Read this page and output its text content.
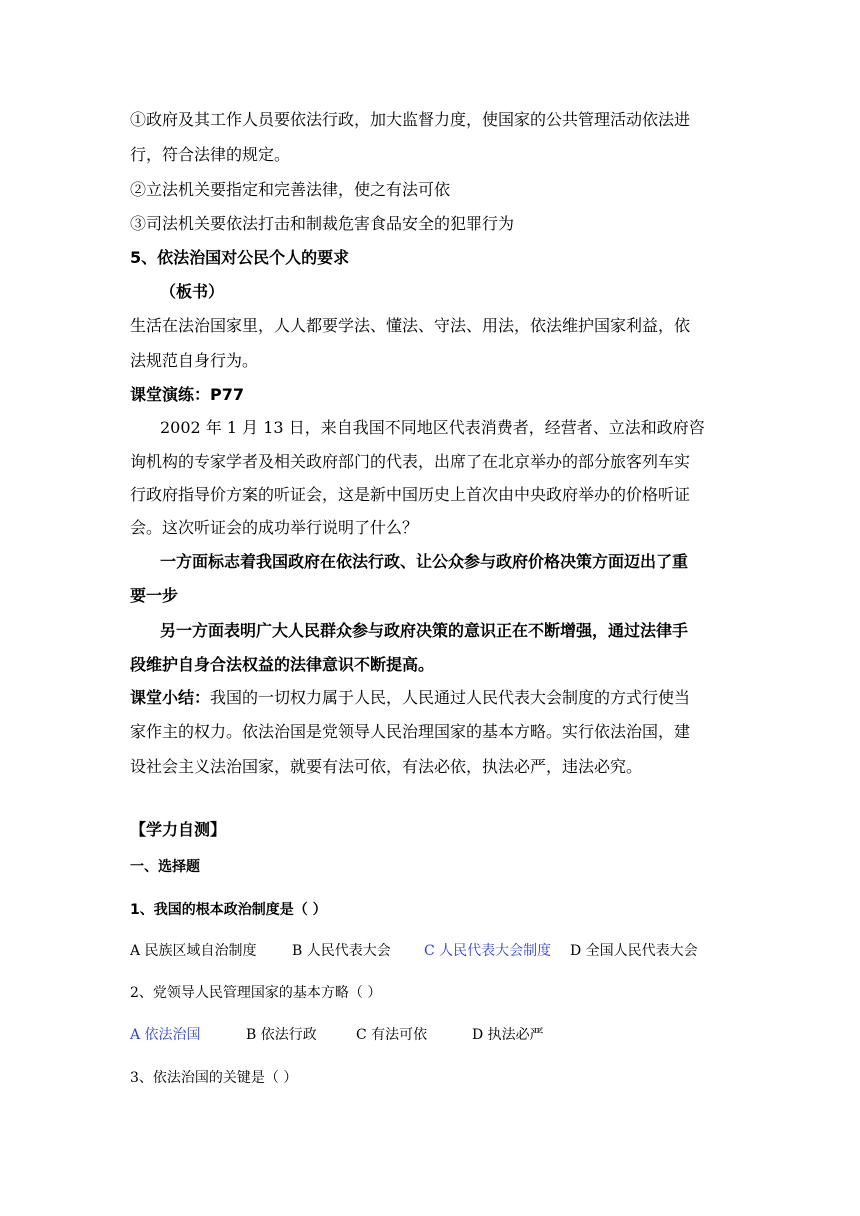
①政府及其工作人员要依法行政，加大监督力度，使国家的公共管理活动依法进
行，符合法律的规定。
②立法机关要指定和完善法律，使之有法可依
③司法机关要依法打击和制裁危害食品安全的犯罪行为
5、依法治国对公民个人的要求
（板书）
生活在法治国家里，人人都要学法、懂法、守法、用法，依法维护国家利益，依
法规范自身行为。
课堂演练：P77
2002 年 1 月 13 日，来自我国不同地区代表消费者，经营者、立法和政府咨
询机构的专家学者及相关政府部门的代表，出席了在北京举办的部分旅客列车实
行政府指导价方案的听证会，这是新中国历史上首次由中央政府举办的价格听证
会。这次听证会的成功举行说明了什么？
一方面标志着我国政府在依法行政、让公众参与政府价格决策方面迈出了重
要一步
另一方面表明广大人民群众参与政府决策的意识正在不断增强，通过法律手
段维护自身合法权益的法律意识不断提高。
课堂小结：我国的一切权力属于人民，人民通过人民代表大会制度的方式行使当
家作主的权力。依法治国是党领导人民治理国家的基本方略。实行依法治国，建
设社会主义法治国家，就要有法可依，有法必依，执法必严，违法必究。
【学力自测】
一、选择题
1、我国的根本政治制度是（ ）
A 民族区域自治制度	B 人民代表大会 C 人民代表大会制度 D 全国人民代表大会
2、党领导人民管理国家的基本方略（ ）
A 依法治国	B 依法行政	C 有法可依	D 执法必严
3、依法治国的关键是（ ）
